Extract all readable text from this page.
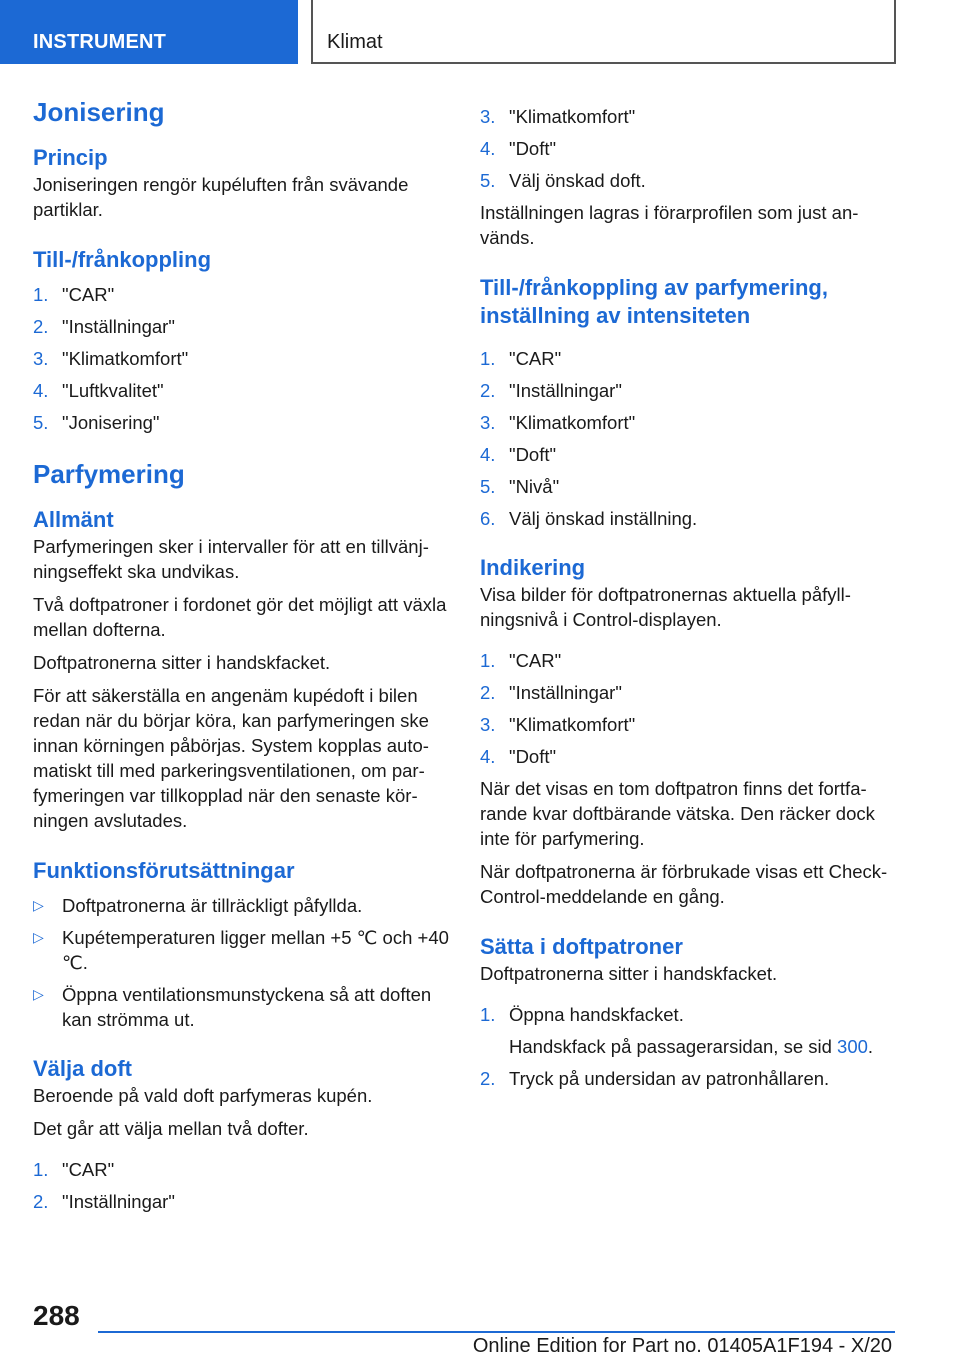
INSTRUMENT	Klimat
Jonisering
Princip

Joniseringen rengör kupéluften från svävande partiklar.

Till-/frånkoppling
1. "CAR"
2. "Inställningar"
3. "Klimatkomfort"
4. "Luftkvalitet"
5. "Jonisering"
Parfymering
Allmänt

Parfymeringen sker i intervaller för att en tillvänjningseffekt ska undvikas.

Två doftpatroner i fordonet gör det möjligt att växla mellan dofterna.

Doftpatronerna sitter i handskfacket.

För att säkerställa en angenäm kupédoft i bilen redan när du börjar köra, kan parfymeringen ske innan körningen påbörjas. System kopplas automatiskt till med parkeringsventilationen, om parfymeringen var tillkopplad när den senaste körningen avslutades.

Funktionsförutsättningar
▷ Doftpatronerna är tillräckligt påfyllda.
▷ Kupétemperaturen ligger mellan +5 ℃ och +40 ℃.
▷ Öppna ventilationsmunstyckena så att doften kan strömma ut.
Välja doft

Beroende på vald doft parfymeras kupén.

Det går att välja mellan två dofter.

1. "CAR"
2. "Inställningar"
3. "Klimatkomfort"
4. "Doft"
5. Välj önskad doft.

Inställningen lagras i förarprofilen som just används.

Till-/frånkoppling av parfymering, inställning av intensiteten
1. "CAR"
2. "Inställningar"
3. "Klimatkomfort"
4. "Doft"
5. "Nivå"
6. Välj önskad inställning.
Indikering

Visa bilder för doftpatronernas aktuella påfyllningsnivå i Control-displayen.

1. "CAR"
2. "Inställningar"
3. "Klimatkomfort"
4. "Doft"

När det visas en tom doftpatron finns det fortfarande kvar doftbärande vätska. Den räcker dock inte för parfymering.

När doftpatronerna är förbrukade visas ett Check-Control-meddelande en gång.

Sätta i doftpatroner

Doftpatronerna sitter i handskfacket.

1. Öppna handskfacket.
Handskfack på passagerarsidan, se sid 300.
2. Tryck på undersidan av patronhållaren.
288
Online Edition for Part no. 01405A1F194 - X/20
